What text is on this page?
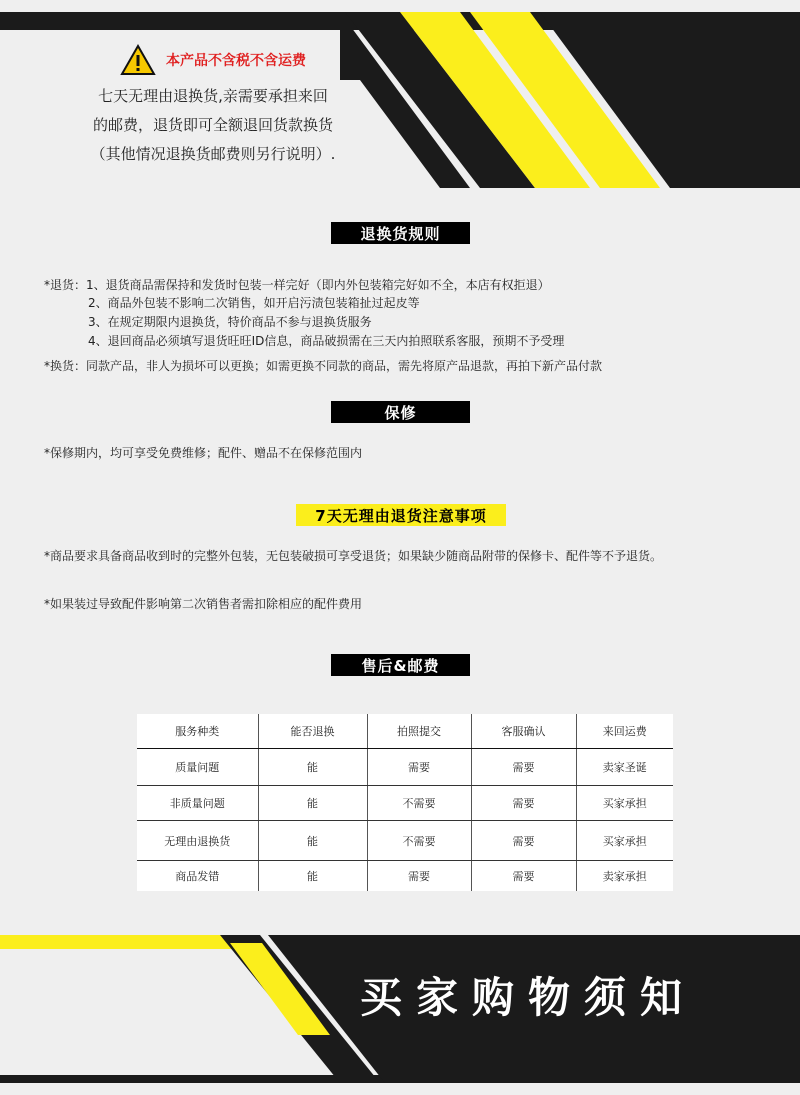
本产品不含税不含运费
七天无理由退换货,亲需要承担来回
的邮费，退货即可全额退回货款换货
（其他情况退换货邮费则另行说明）.
退换货规则
*退货：1、退货商品需保持和发货时包装一样完好（即内外包装箱完好如不全，本店有权拒退）
2、商品外包装不影响二次销售，如开启污渍包装箱扯过起皮等
3、在规定期限内退换货，特价商品不参与退换货服务
4、退回商品必须填写退货旺旺ID信息，商品破损需在三天内拍照联系客服，预期不予受理
*换货：同款产品，非人为损坏可以更换；如需更换不同款的商品，需先将原产品退款，再拍下新产品付款
保修
*保修期内，均可享受免费维修；配件、赠品不在保修范围内
7天无理由退货注意事项
*商品要求具备商品收到时的完整外包装，无包装破损可享受退货；如果缺少随商品附带的保修卡、配件等不予退货。
*如果装过导致配件影响第二次销售者需扣除相应的配件费用
售后&邮费
服务种类	能否退换	拍照提交	客服确认	来回运费
质量问题	能	需要	需要	卖家圣诞
非质量问题	能	不需要	需要	买家承担
无理由退换货	能	不需要	需要	买家承担
商品发错	能	需要	需要	卖家承担
买家购物须知
